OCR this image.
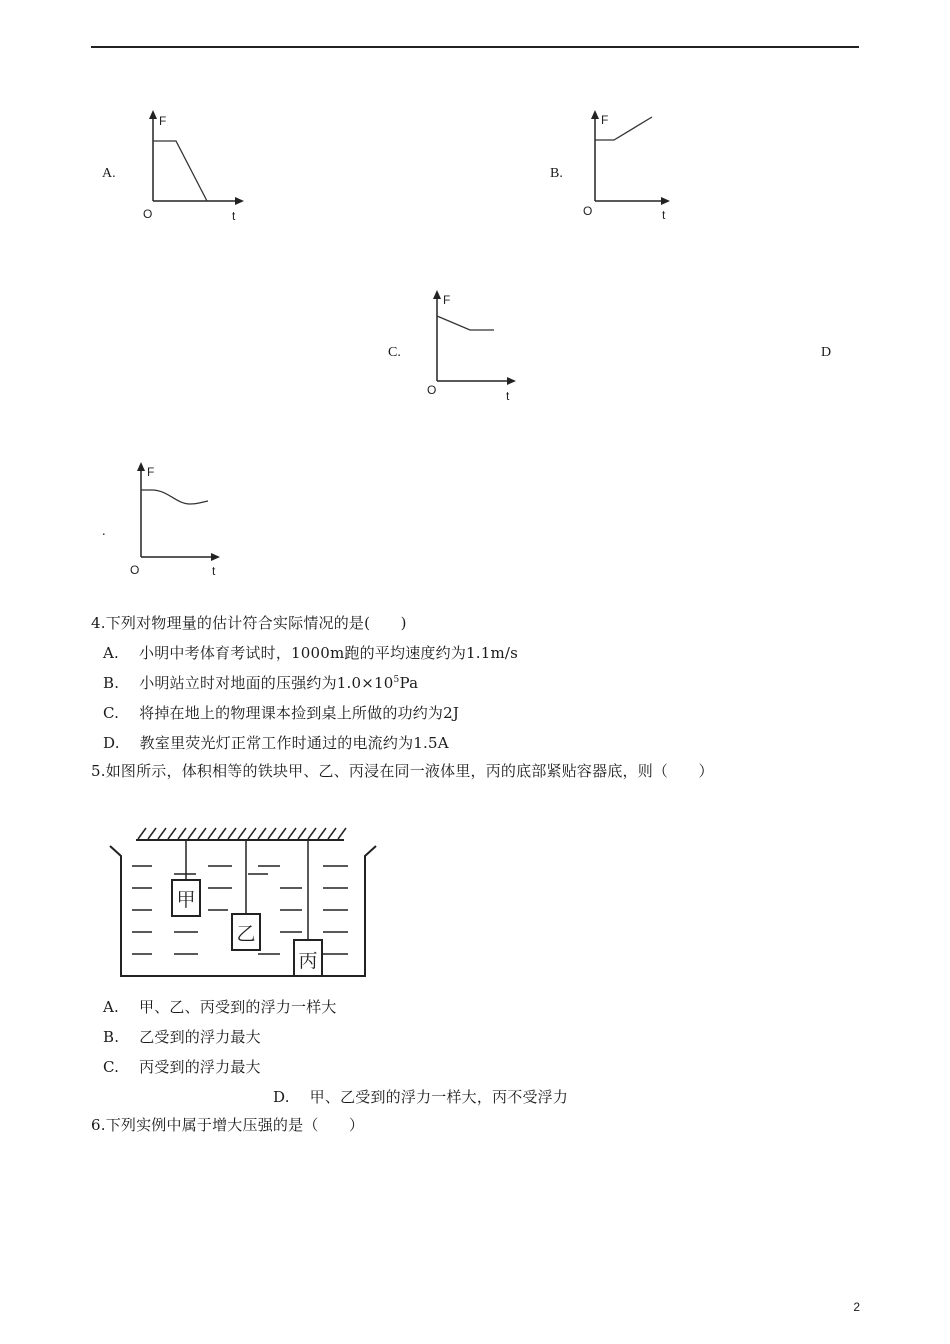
A.
F
O	t
B.
F
O	t
C.
F
O	t
D
.
F
O	t
4.下列对物理量的估计符合实际情况的是(　　)
A. 小明中考体育考试时，1000m跑的平均速度约为1.1m/s
B. 小明站立时对地面的压强约为$1.0\times 10^5Pa$
C. 将掉在地上的物理课本捡到桌上所做的功约为2J
D. 教室里荧光灯正常工作时通过的电流约为1.5A
5.如图所示，体积相等的铁块甲、乙、丙浸在同一液体里，丙的底部紧贴容器底，则（　　）
甲
乙
丙
A. 甲、乙、丙受到的浮力一样大
B. 乙受到的浮力最大
C. 丙受到的浮力最大
D. 甲、乙受到的浮力一样大，丙不受浮力
6.下列实例中属于增大压强的是（　　）
2
